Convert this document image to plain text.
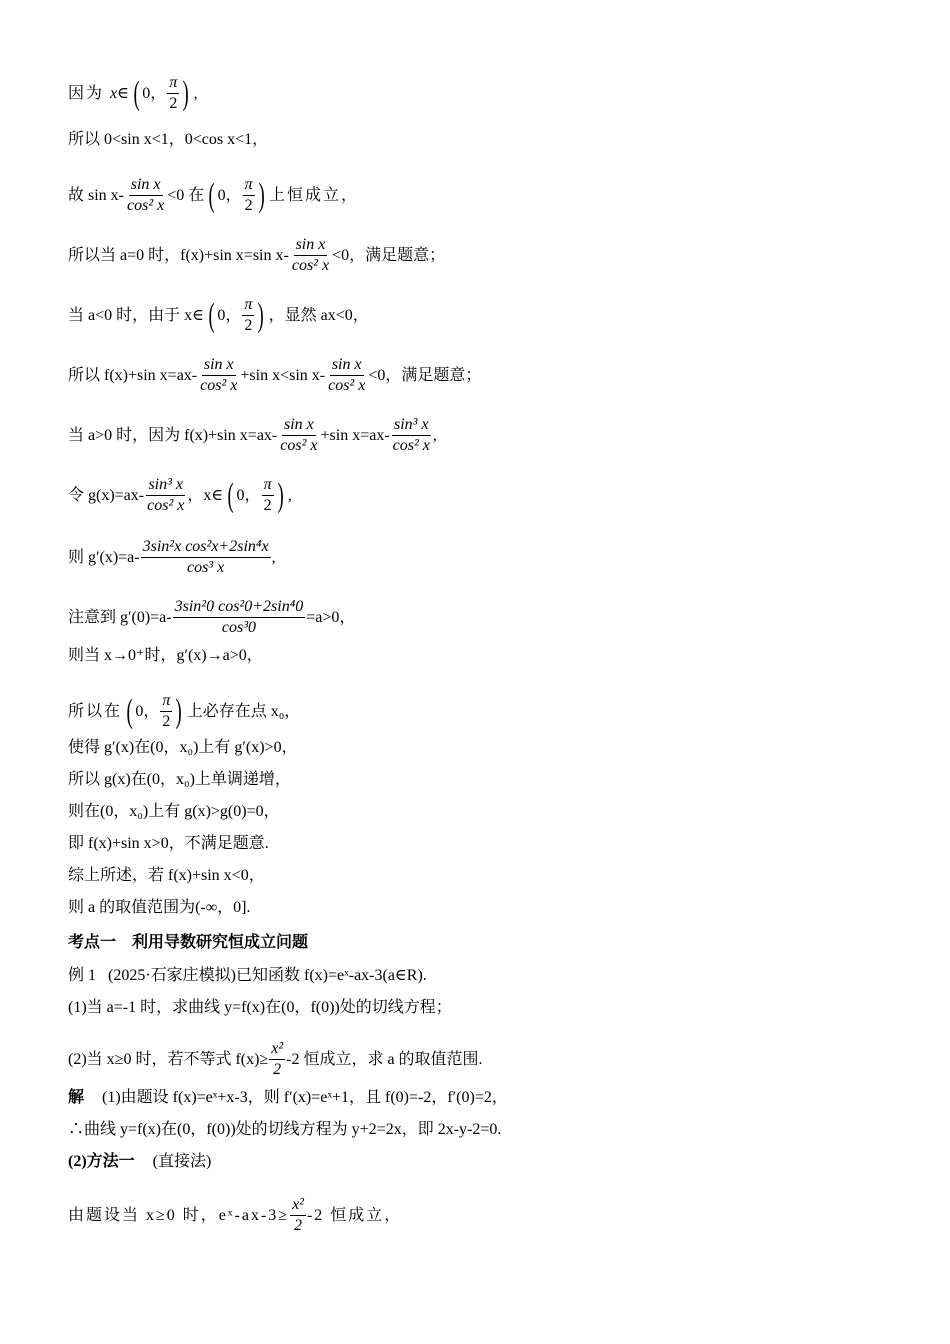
因为 x∈ ( 0 ， $\frac{\pi}{2}$ ) ,
所以 0<sin x<1，0<cos x<1，
故 $\sin x- \frac{\text{sin x}}{\text{cos² x}} <0$ 在 ( 0 ， $\frac{\pi}{2}$ ) 上恒成立，
所以当 a=0 时，f(x)+sin x=sin $x- \frac{\text{sin x}}{\text{cos² x}} <0$，满足题意；
当 a<0 时，由于 x∈ ( 0 ， $\frac{\pi}{2}$ ) ，显然 ax<0，
所以 f(x)+sin $x=ax- \frac{\text{sin x}}{\text{cos² x}} +\sin$ x<sin $x- \frac{\text{sin x}}{\text{cos² x}} <0$，满足题意；
当 a>0 时，因为 f(x)+sin $x=ax- \frac{\text{sin x}}{\text{cos² x}} +\sin$ $x=ax- \frac{\text{sin³ x}}{\text{cos² x}}$ ,
令 $g(x)=ax- \frac{\text{sin³ x}}{\text{cos² x}}$ ，x∈ ( 0 ， $\frac{\pi}{2}$ ) ,
则 $g'(x)=a- \frac{\text{3sin²x cos²x+2sin⁴x}}{\text{cos³ x}}$ ,
注意到 $g'(0)=a- \frac{\text{3sin²0 cos²0+2sin⁴0}}{\text{cos³0}} =a>0$，
则当 x→0⁺时，g′(x)→a>0，
所以在 ( 0 ， $\frac{\pi}{2}$ ) 上必存在点 x₀，
使得 g′(x)在(0，x₀)上有 g′(x)>0，
所以 g(x)在(0，x₀)上单调递增，
则在(0，x₀)上有 g(x)>g(0)=0，
即 f(x)+sin x>0，不满足题意.
综上所述，若 f(x)+sin x<0，
则 a 的取值范围为(-∞，0].
考点一　利用导数研究恒成立问题
例 1 (2025·石家庄模拟)已知函数 f(x)=eˣ-ax-3(a∈R).
(1)当 a=-1 时，求曲线 y=f(x)在(0，f(0))处的切线方程；
(2)当 x≥0 时，若不等式 $f(x)\ge \frac{\text{x²}}{2} -2$ 恒成立，求 a 的取值范围.
解 (1)由题设 f(x)=eˣ+x-3，则 f′(x)=eˣ+1，且 f(0)=-2，f′(0)=2，
∴曲线 y=f(x)在(0，f(0))处的切线方程为 y+2=2x，即 2x-y-2=0.
(2)方法一 (直接法)
由题设当 x≥0 时，eˣ-ax-3≥ $\frac{\text{x²}}{2} -2$ 恒成立，
